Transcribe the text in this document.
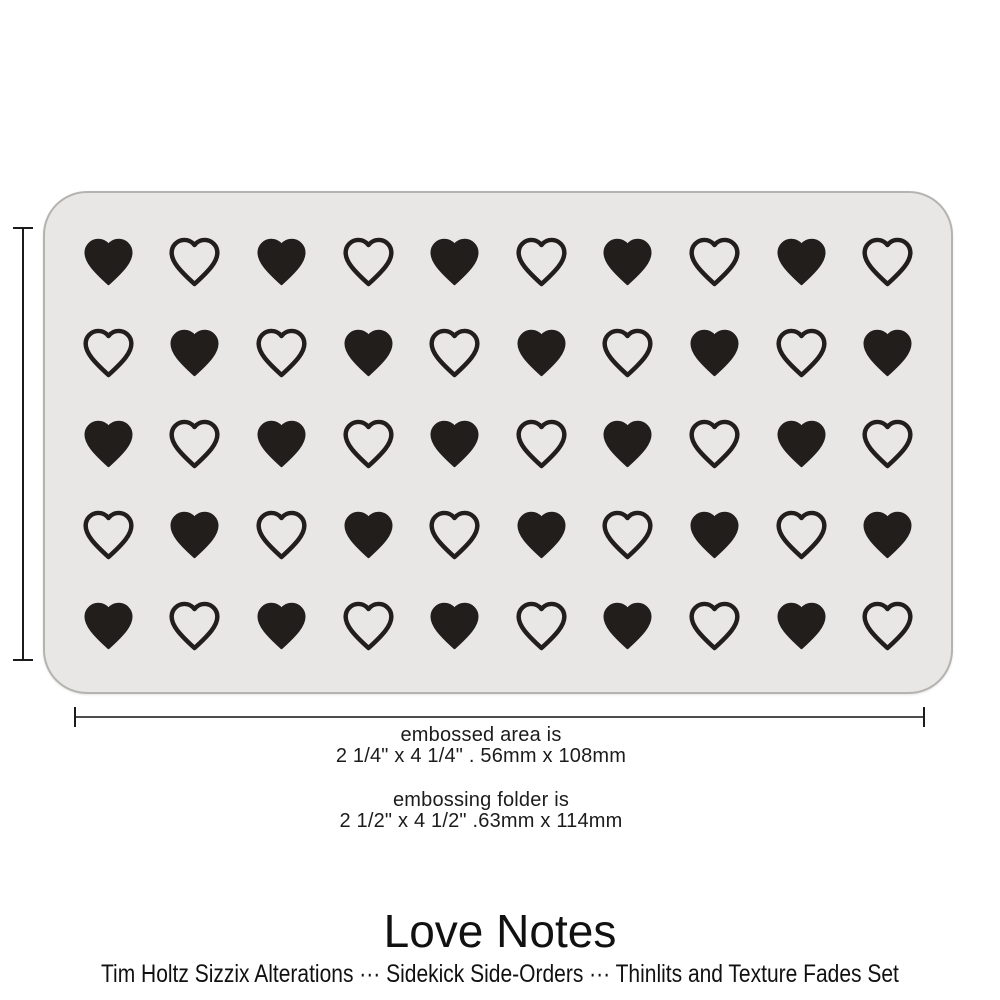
embossed area is
2 1/4" x 4 1/4" . 56mm x 108mm
embossing folder is
2 1/2" x 4 1/2" .63mm x 114mm
Love Notes
Tim Holtz Sizzix Alterations ··· Sidekick Side-Orders ··· Thinlits and Texture Fades Set
